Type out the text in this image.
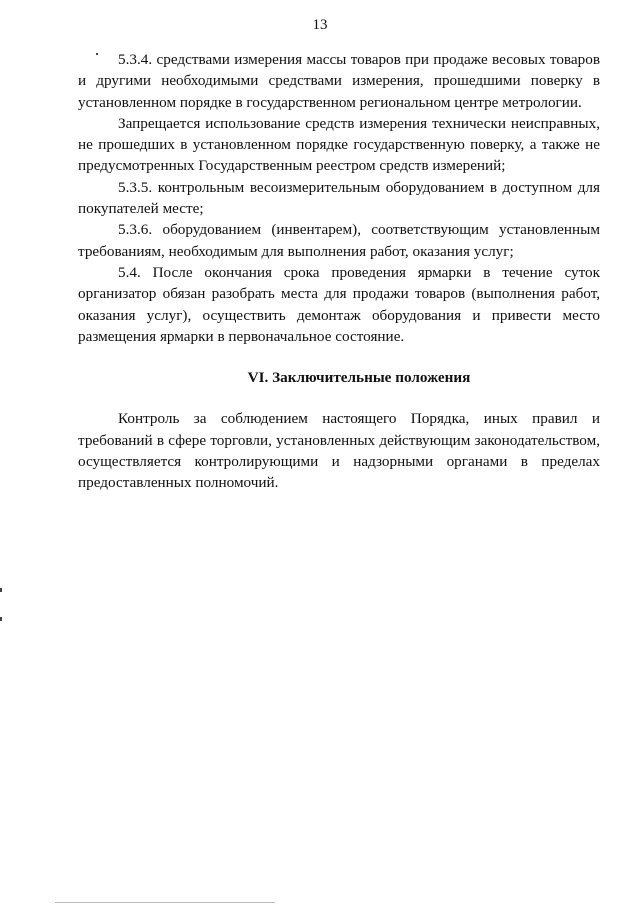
13

5.3.4. средствами измерения массы товаров при продаже весовых товаров и другими необходимыми средствами измерения, прошедшими поверку в установленном порядке в государственном региональном центре метрологии.

Запрещается использование средств измерения технически неисправных, не прошедших в установленном порядке государственную поверку, а также не предусмотренных Государственным реестром средств измерений;

5.3.5. контрольным весоизмерительным оборудованием в доступном для покупателей месте;

5.3.6. оборудованием (инвентарем), соответствующим установленным требованиям, необходимым для выполнения работ, оказания услуг;

5.4. После окончания срока проведения ярмарки в течение суток организатор обязан разобрать места для продажи товаров (выполнения работ, оказания услуг), осуществить демонтаж оборудования и привести место размещения ярмарки в первоначальное состояние.

VI. Заключительные положения

Контроль за соблюдением настоящего Порядка, иных правил и требований в сфере торговли, установленных действующим законодательством, осуществляется контролирующими и надзорными органами в пределах предоставленных полномочий.
